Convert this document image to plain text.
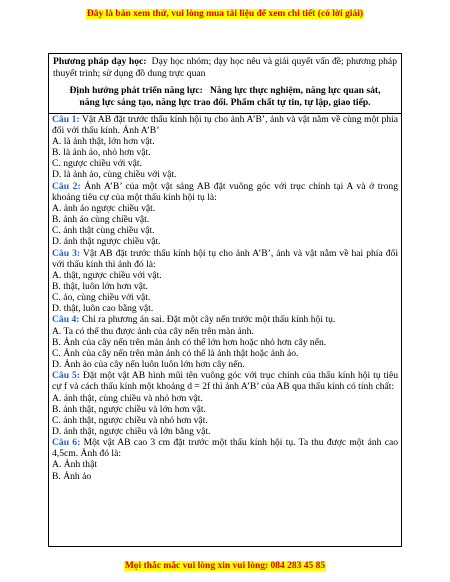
Đây là bản xem thử, vui lòng mua tài liệu để xem chi tiết (có lời giải)

Phương pháp dạy học: Dạy học nhóm; dạy học nêu và giải quyết vấn đề; phương pháp thuyết trình; sử dụng đồ dung trực quan

Định hướng phát triển năng lực: Năng lực thực nghiệm, năng lực quan sát, năng lực sáng tạo, năng lực trao đổi. Phẩm chất tự tin, tự lập, giao tiếp.

Câu 1: Vật AB đặt trước thấu kính hội tụ cho ảnh A’B’, ảnh và vật nằm về cùng một phía đối với thấu kính. Ảnh A’B’

A. là ảnh thật, lớn hơn vật.

B. là ảnh ảo, nhỏ hơn vật.

C. ngược chiều với vật.

D. là ảnh ảo, cùng chiều với vật.

Câu 2: Ảnh A’B’ của một vật sáng AB đặt vuông góc với trục chính tại A và ở trong khoảng tiêu cự của một thấu kính hội tụ là:

A. ảnh ảo ngược chiều vật.

B. ảnh ảo cùng chiều vật.

C. ảnh thật cùng chiều vật.

D. ảnh thật ngược chiều vật.

Câu 3: Vật AB đặt trước thấu kính hội tụ cho ảnh A’B’, ảnh và vật nằm về hai phía đối với thấu kính thì ảnh đó là:

A. thật, ngược chiều với vật.

B. thật, luôn lớn hơn vật.

C. ảo, cùng chiều với vật.

D. thật, luôn cao bằng vật.

Câu 4: Chỉ ra phương án sai. Đặt một cây nến trước một thấu kính hội tụ.

A. Ta có thể thu được ảnh của cây nến trên màn ảnh.

B. Ảnh của cây nến trên màn ảnh có thể lớn hơn hoặc nhỏ hơn cây nến.

C. Ảnh của cây nến trên màn ảnh có thể là ảnh thật hoặc ảnh ảo.

D. Ảnh ảo của cây nến luôn luôn lớn hơn cây nến.

Câu 5: Đặt một vật AB hình mũi tên vuông góc với trục chính của thấu kính hội tụ tiêu cự f và cách thấu kính một khoảng d = 2f thì ảnh A’B’ của AB qua thấu kính có tính chất:

A. ảnh thật, cùng chiều và nhỏ hơn vật.

B. ảnh thật, ngược chiều và lớn hơn vật.

C. ảnh thật, ngược chiều và nhỏ hơn vật.

D. ảnh thật, ngược chiều và lớn bằng vật.

Câu 6: Một vật AB cao 3 cm đặt trước một thấu kính hội tụ. Ta thu được một ảnh cao 4,5cm. Ảnh đó là:

A. Ảnh thật

B. Ảnh ảo

Mọi thắc mắc vui lòng xin vui lòng: 084 283 45 85
